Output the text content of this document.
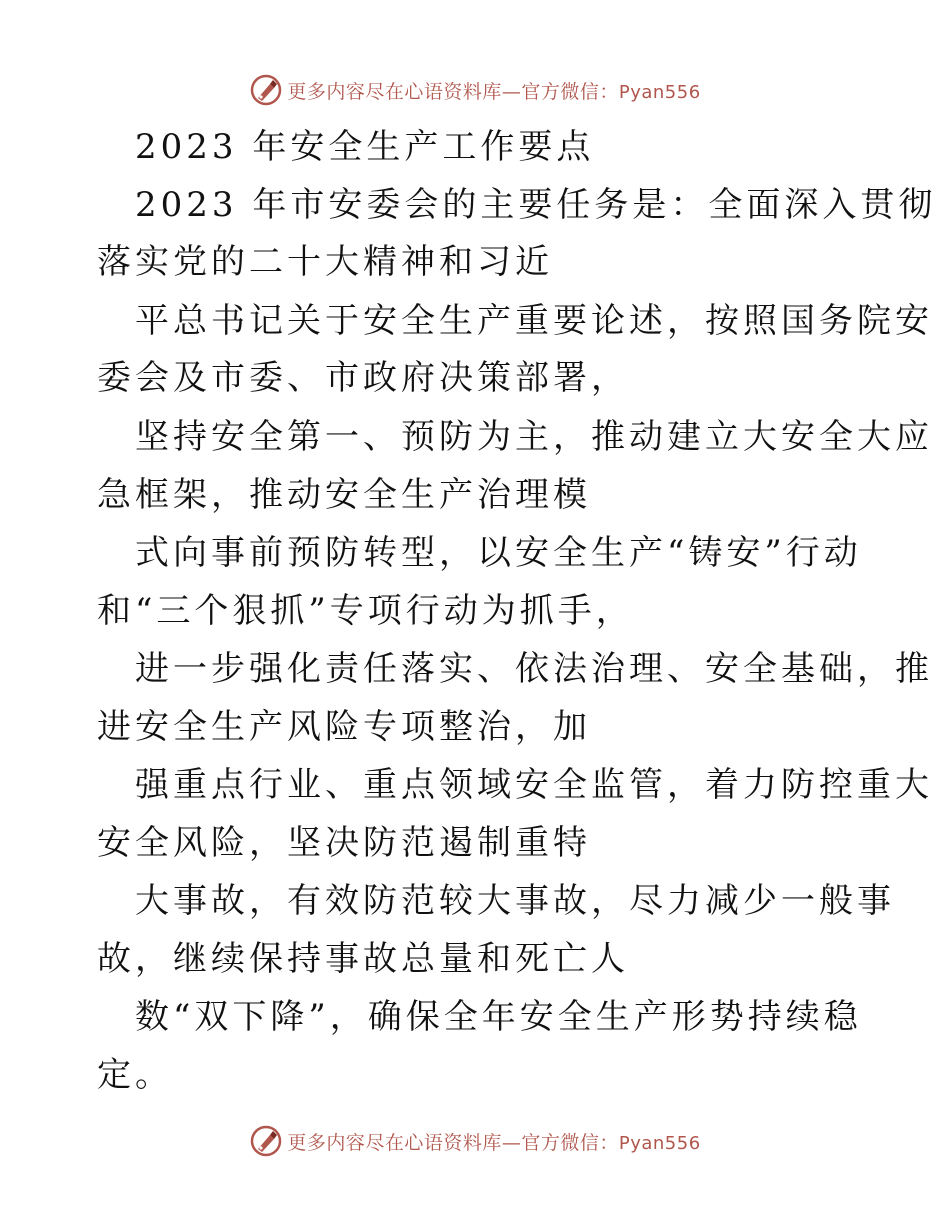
更多内容尽在心语资料库—官方微信：Pyan556
2023 年安全生产工作要点
2023 年市安委会的主要任务是：全面深入贯彻
落实党的二十大精神和习近
平总书记关于安全生产重要论述，按照国务院安
委会及市委、市政府决策部署，
坚持安全第一、预防为主，推动建立大安全大应
急框架，推动安全生产治理模
式向事前预防转型，以安全生产“铸安”行动
和“三个狠抓”专项行动为抓手，
进一步强化责任落实、依法治理、安全基础，推
进安全生产风险专项整治，加
强重点行业、重点领域安全监管，着力防控重大
安全风险，坚决防范遏制重特
大事故，有效防范较大事故，尽力减少一般事
故，继续保持事故总量和死亡人
数“双下降”，确保全年安全生产形势持续稳
定。
更多内容尽在心语资料库—官方微信：Pyan556
